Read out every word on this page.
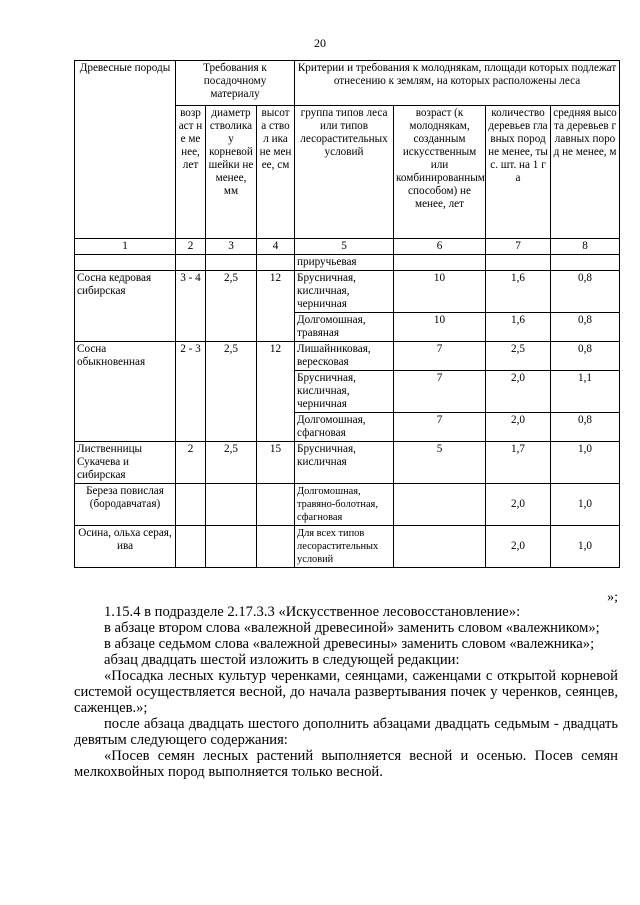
20
Древесные породы	Требования к посадочному материалу			Критерии и требования к молоднякам, площади которых подлежат отнесению к землям, на которых расположены леса			
	возраст не менее, лет	диаметр стволика у корневой шейки не менее, мм	высота ствол ика не менее, см	группа типов леса или типов лесорастительных условий	возраст (к молоднякам, созданным искусственным или комбинированным способом) не менее, лет	количество деревьев главных пород не менее, тыс. шт. на 1 га	средняя высота деревьев главных пород не менее, м
1	2	3	4	5	6	7	8
				приручьевая			
Сосна кедровая сибирская	3 - 4	2,5	12	Брусничная, кисличная, черничная	10	1,6	0,8
				Долгомошная, травяная	10	1,6	0,8
Сосна обыкновенная	2 - 3	2,5	12	Лишайниковая, вересковая	7	2,5	0,8
				Брусничная, кисличная, черничная	7	2,0	1,1
				Долгомошная, сфагновая	7	2,0	0,8
Лиственницы Сукачева и сибирская	2	2,5	15	Брусничная, кисличная	5	1,7	1,0
Береза повислая (бородавчатая)				Долгомошная, травяно-болотная, сфагновая		2,0	1,0
Осина, ольха серая, ива				Для всех типов лесорастительных условий		2,0	1,0
»;

1.15.4 в подразделе 2.17.3.3 «Искусственное лесовосстановление»:

в абзаце втором слова «валежной древесиной» заменить словом «валежником»;

в абзаце седьмом слова «валежной древесины» заменить словом «валежника»;

абзац двадцать шестой изложить в следующей редакции:

«Посадка лесных культур черенками, сеянцами, саженцами с открытой корневой системой осуществляется весной, до начала развертывания почек у черенков, сеянцев, саженцев.»;

после абзаца двадцать шестого дополнить абзацами двадцать седьмым - двадцать девятым следующего содержания:

«Посев семян лесных растений выполняется весной и осенью. Посев семян мелкохвойных пород выполняется только весной.
